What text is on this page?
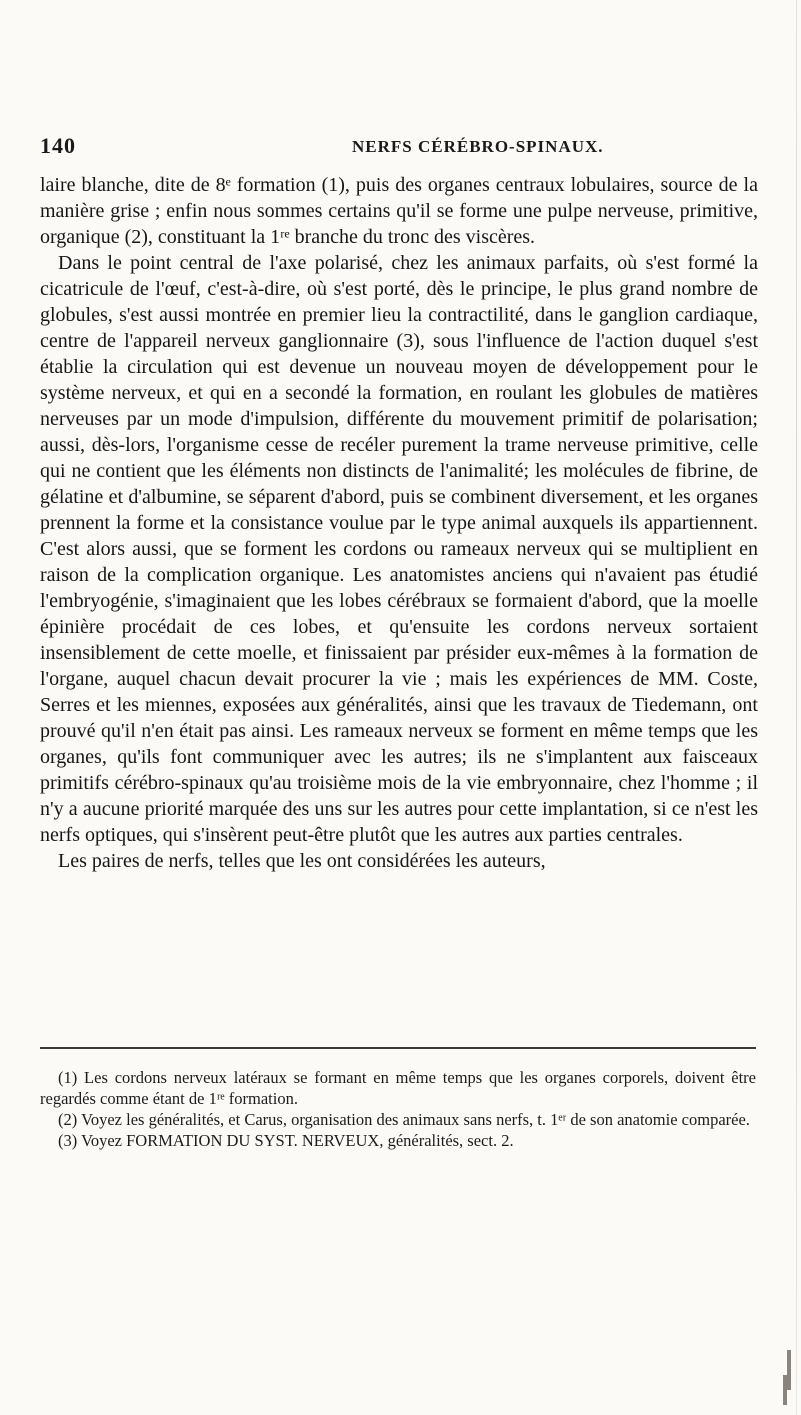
140	NERFS CÉRÉBRO-SPINAUX.

laire blanche, dite de 8ᵉ formation (1), puis des organes centraux lobulaires, source de la manière grise ; enfin nous sommes certains qu'il se forme une pulpe nerveuse, primitive, organique (2), constituant la 1ʳᵉ branche du tronc des viscères.

Dans le point central de l'axe polarisé, chez les animaux parfaits, où s'est formé la cicatricule de l'œuf, c'est-à-dire, où s'est porté, dès le principe, le plus grand nombre de globules, s'est aussi montrée en premier lieu la contractilité, dans le ganglion cardiaque, centre de l'appareil nerveux ganglionnaire (3), sous l'influence de l'action duquel s'est établie la circulation qui est devenue un nouveau moyen de développement pour le système nerveux, et qui en a secondé la formation, en roulant les globules de matières nerveuses par un mode d'impulsion, différente du mouvement primitif de polarisation; aussi, dès-lors, l'organisme cesse de recéler purement la trame nerveuse primitive, celle qui ne contient que les éléments non distincts de l'animalité; les molécules de fibrine, de gélatine et d'albumine, se séparent d'abord, puis se combinent diversement, et les organes prennent la forme et la consistance voulue par le type animal auxquels ils appartiennent. C'est alors aussi, que se forment les cordons ou rameaux nerveux qui se multiplient en raison de la complication organique. Les anatomistes anciens qui n'avaient pas étudié l'embryogénie, s'imaginaient que les lobes cérébraux se formaient d'abord, que la moelle épinière procédait de ces lobes, et qu'ensuite les cordons nerveux sortaient insensiblement de cette moelle, et finissaient par présider eux-mêmes à la formation de l'organe, auquel chacun devait procurer la vie ; mais les expériences de MM. Coste, Serres et les miennes, exposées aux généralités, ainsi que les travaux de Tiedemann, ont prouvé qu'il n'en était pas ainsi. Les rameaux nerveux se forment en même temps que les organes, qu'ils font communiquer avec les autres; ils ne s'implantent aux faisceaux primitifs cérébro-spinaux qu'au troisième mois de la vie embryonnaire, chez l'homme ; il n'y a aucune priorité marquée des uns sur les autres pour cette implantation, si ce n'est les nerfs optiques, qui s'insèrent peut-être plutôt que les autres aux parties centrales.

Les paires de nerfs, telles que les ont considérées les auteurs,

(1) Les cordons nerveux latéraux se formant en même temps que les organes corporels, doivent être regardés comme étant de 1ʳᵉ formation.

(2) Voyez les généralités, et Carus, organisation des animaux sans nerfs, t. 1ᵉʳ de son anatomie comparée.

(3) Voyez FORMATION DU SYST. NERVEUX, généralités, sect. 2.
